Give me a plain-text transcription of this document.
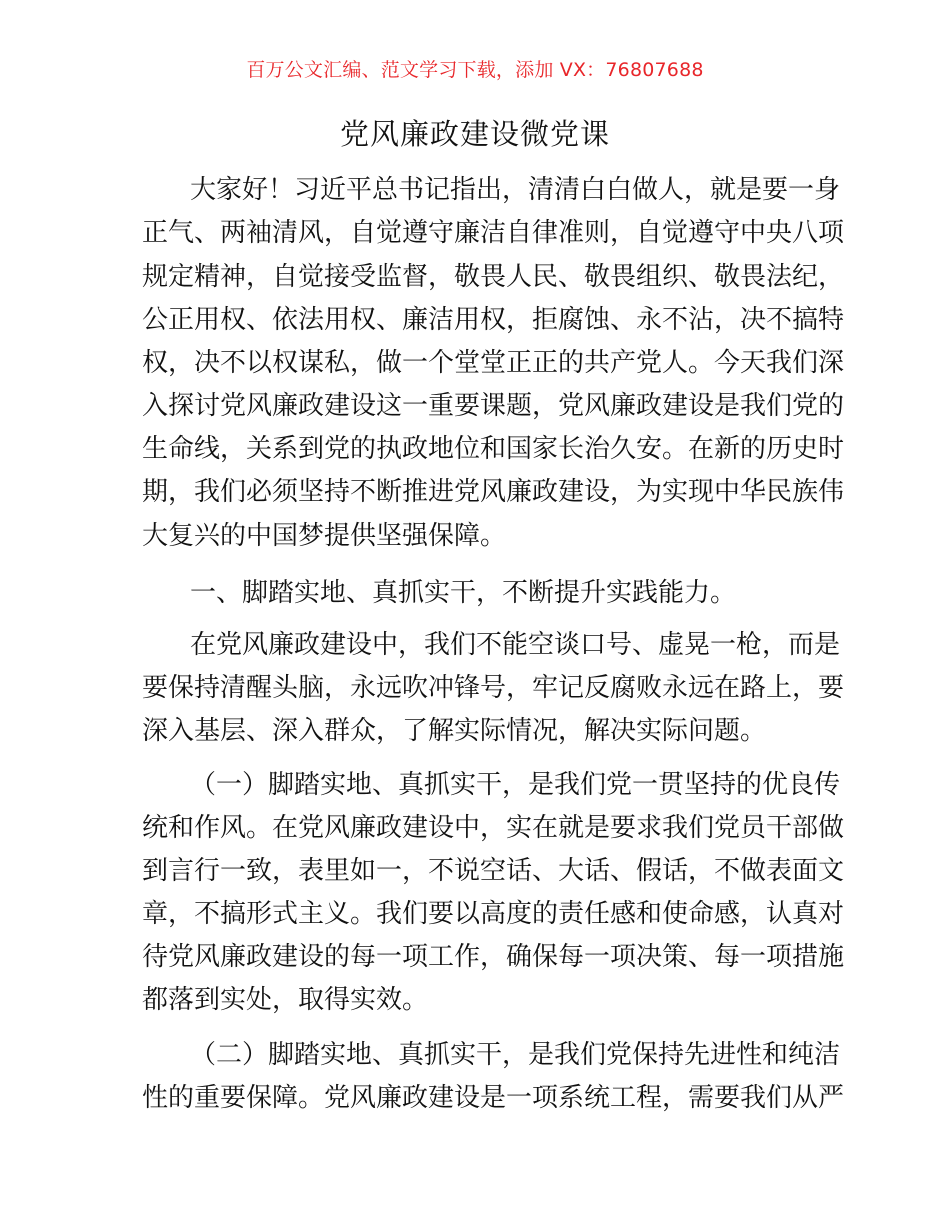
百万公文汇编、范文学习下载，添加 VX：76807688
党风廉政建设微党课
大家好！习近平总书记指出，清清白白做人，就是要一身
正气、两袖清风，自觉遵守廉洁自律准则，自觉遵守中央八项
规定精神，自觉接受监督，敬畏人民、敬畏组织、敬畏法纪，
公正用权、依法用权、廉洁用权，拒腐蚀、永不沾，决不搞特
权，决不以权谋私，做一个堂堂正正的共产党人。今天我们深
入探讨党风廉政建设这一重要课题，党风廉政建设是我们党的
生命线，关系到党的执政地位和国家长治久安。在新的历史时
期，我们必须坚持不断推进党风廉政建设，为实现中华民族伟
大复兴的中国梦提供坚强保障。
一、脚踏实地、真抓实干，不断提升实践能力。
在党风廉政建设中，我们不能空谈口号、虚晃一枪，而是
要保持清醒头脑，永远吹冲锋号，牢记反腐败永远在路上，要
深入基层、深入群众，了解实际情况，解决实际问题。
（一）脚踏实地、真抓实干，是我们党一贯坚持的优良传
统和作风。在党风廉政建设中，实在就是要求我们党员干部做
到言行一致，表里如一，不说空话、大话、假话，不做表面文
章，不搞形式主义。我们要以高度的责任感和使命感，认真对
待党风廉政建设的每一项工作，确保每一项决策、每一项措施
都落到实处，取得实效。
（二）脚踏实地、真抓实干，是我们党保持先进性和纯洁
性的重要保障。党风廉政建设是一项系统工程，需要我们从严
